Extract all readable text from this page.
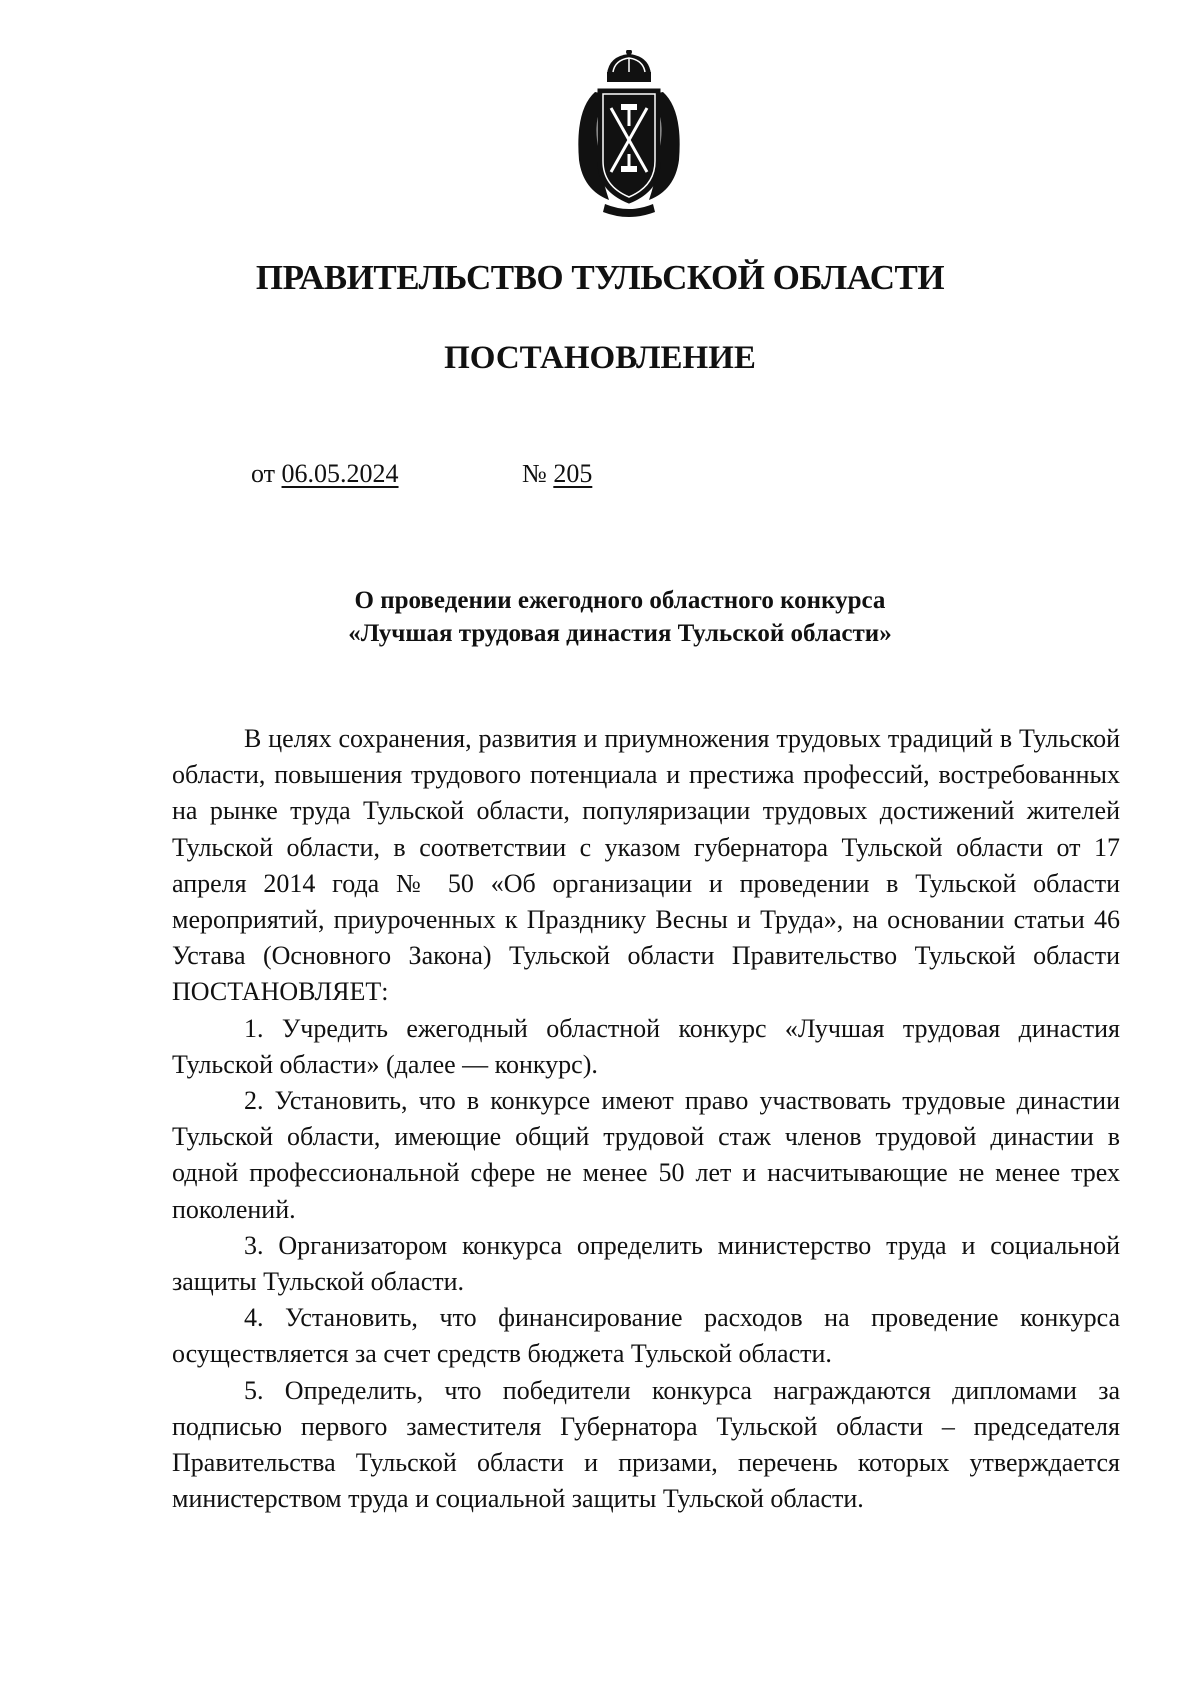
ПРАВИТЕЛЬСТВО ТУЛЬСКОЙ ОБЛАСТИ
ПОСТАНОВЛЕНИЕ
от 06.05.2024	№ 205
О проведении ежегодного областного конкурса
«Лучшая трудовая династия Тульской области»

В целях сохранения, развития и приумножения трудовых традиций в Тульской области, повышения трудового потенциала и престижа профессий, востребованных на рынке труда Тульской области, популяризации трудовых достижений жителей Тульской области, в соответствии с указом губернатора Тульской области от 17 апреля 2014 года № 50 «Об организации и проведении в Тульской области мероприятий, приуроченных к Празднику Весны и Труда», на основании статьи 46 Устава (Основного Закона) Тульской области Правительство Тульской области ПОСТАНОВЛЯЕТ:

1. Учредить ежегодный областной конкурс «Лучшая трудовая династия Тульской области» (далее — конкурс).

2. Установить, что в конкурсе имеют право участвовать трудовые династии Тульской области, имеющие общий трудовой стаж членов трудовой династии в одной профессиональной сфере не менее 50 лет и насчитывающие не менее трех поколений.

3. Организатором конкурса определить министерство труда и социальной защиты Тульской области.

4. Установить, что финансирование расходов на проведение конкурса осуществляется за счет средств бюджета Тульской области.

5. Определить, что победители конкурса награждаются дипломами за подписью первого заместителя Губернатора Тульской области – председателя Правительства Тульской области и призами, перечень которых утверждается министерством труда и социальной защиты Тульской области.
